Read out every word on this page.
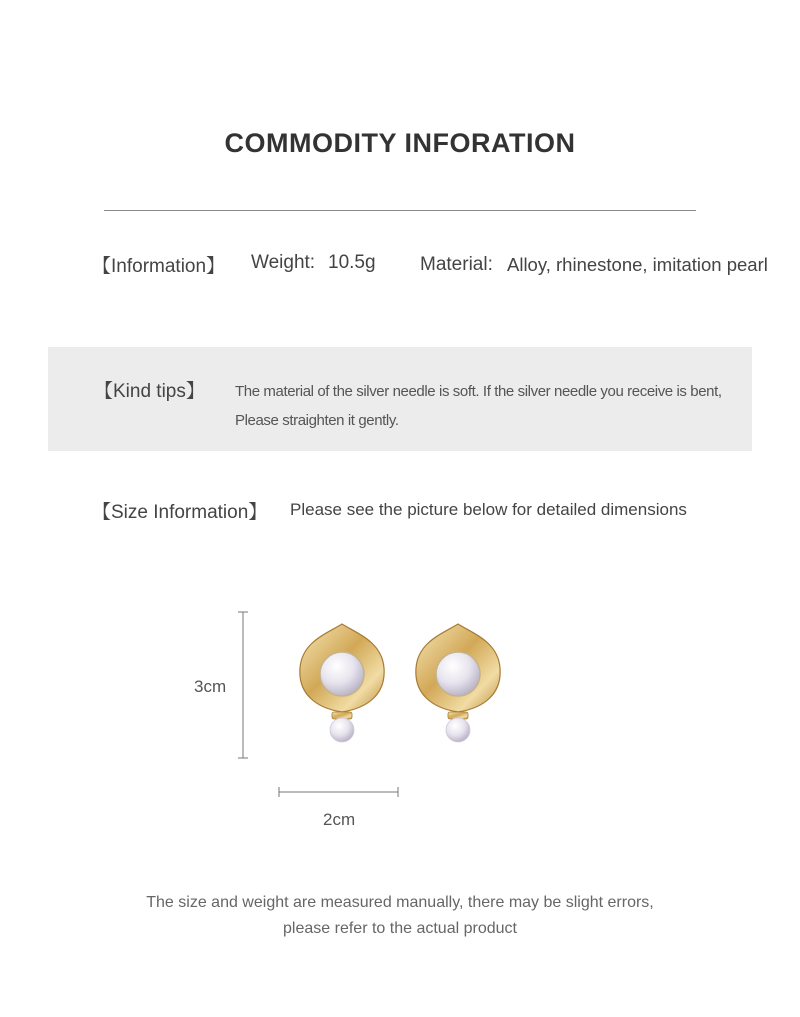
COMMODITY INFORATION
【Information】 Weight: 10.5g Material: Alloy, rhinestone, imitation pearl
【Kind tips】 The material of the silver needle is soft. If the silver needle you receive is bent,
Please straighten it gently.
【Size Information】 Please see the picture below for detailed dimensions
3cm
2cm
The size and weight are measured manually, there may be slight errors,
please refer to the actual product
